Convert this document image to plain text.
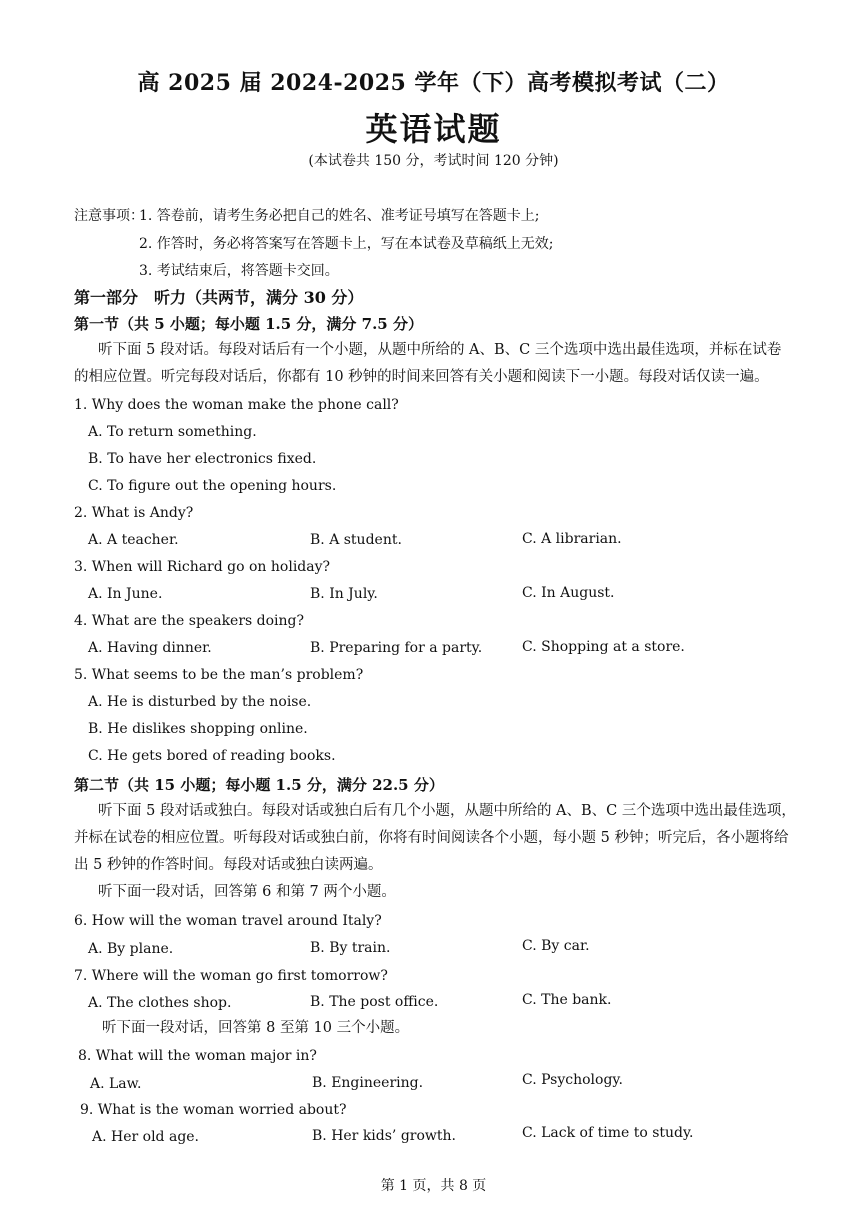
高 2025 届 2024-2025 学年（下）高考模拟考试（二）
英语试题
(本试卷共 150 分，考试时间 120 分钟)
注意事项：
1. 答卷前，请考生务必把自己的姓名、准考证号填写在答题卡上;
2. 作答时，务必将答案写在答题卡上，写在本试卷及草稿纸上无效;
3. 考试结束后，将答题卡交回。
第一部分　听力（共两节，满分 30 分）
第一节（共 5 小题；每小题 1.5 分，满分 7.5 分）
听下面 5 段对话。每段对话后有一个小题，从题中所给的 A、B、C 三个选项中选出最佳选项，并标在试卷
的相应位置。听完每段对话后，你都有 10 秒钟的时间来回答有关小题和阅读下一小题。每段对话仅读一遍。
1. Why does the woman make the phone call?
A. To return something.
B. To have her electronics fixed.
C. To figure out the opening hours.
2. What is Andy?
A. A teacher.	B. A student.	C. A librarian.
3. When will Richard go on holiday?
A. In June.	B. In July.	C. In August.
4. What are the speakers doing?
A. Having dinner.	B. Preparing for a party.	C. Shopping at a store.
5. What seems to be the man’s problem?
A. He is disturbed by the noise.
B. He dislikes shopping online.
C. He gets bored of reading books.
第二节（共 15 小题；每小题 1.5 分，满分 22.5 分）
听下面 5 段对话或独白。每段对话或独白后有几个小题，从题中所给的 A、B、C 三个选项中选出最佳选项，
并标在试卷的相应位置。听每段对话或独白前，你将有时间阅读各个小题，每小题 5 秒钟；听完后，各小题将给
出 5 秒钟的作答时间。每段对话或独白读两遍。
听下面一段对话，回答第 6 和第 7 两个小题。
6. How will the woman travel around Italy?
A. By plane.	B. By train.	C. By car.
7. Where will the woman go first tomorrow?
A. The clothes shop.	B. The post office.	C. The bank.
听下面一段对话，回答第 8 至第 10 三个小题。
8. What will the woman major in?
A. Law.	B. Engineering.	C. Psychology.
9. What is the woman worried about?
A. Her old age.	B. Her kids’ growth.	C. Lack of time to study.
第 1 页，共 8 页
